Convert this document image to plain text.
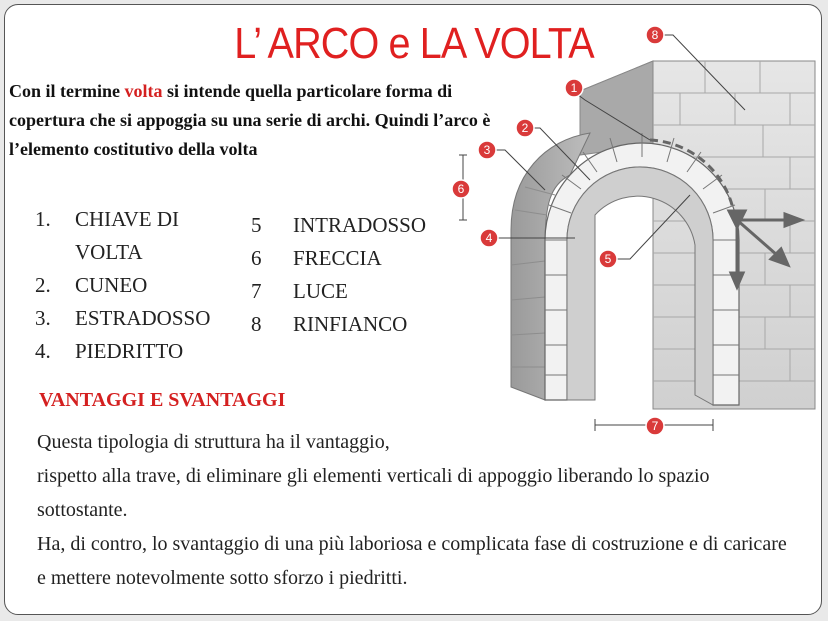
L’ ARCO e LA VOLTA
Con il termine volta si intende quella particolare forma di copertura che si appoggia su una serie di archi. Quindi l’arco è l’elemento costitutivo della volta
1. CHIAVE DI
VOLTA
2. CUNEO
3. ESTRADOSSO
4. PIEDRITTO
5 INTRADOSSO
6 FRECCIA
7 LUCE
8 RINFIANCO
VANTAGGI E SVANTAGGI

Questa tipologia di struttura ha il vantaggio,

rispetto alla trave, di eliminare gli elementi verticali di appoggio liberando lo spazio sottostante.

Ha, di contro, lo svantaggio di una più laboriosa e complicata fase di costruzione e di caricare e mettere notevolmente sotto sforzo i piedritti.

1
2
3
4
5
6
7
8
